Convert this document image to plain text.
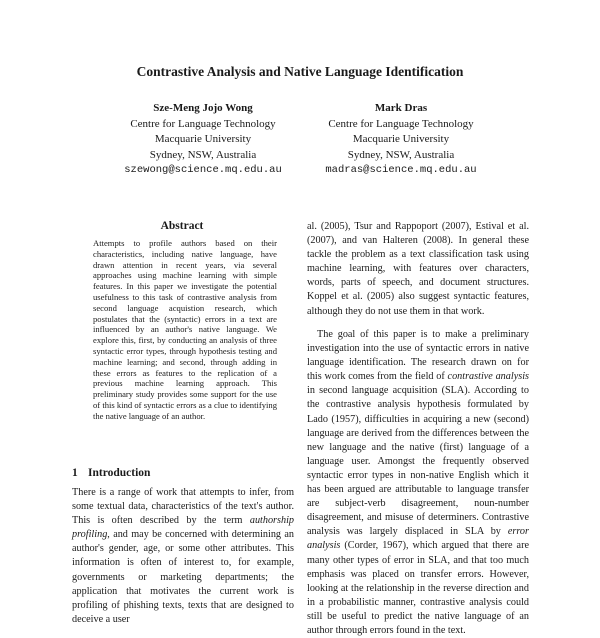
Contrastive Analysis and Native Language Identification
Sze-Meng Jojo Wong
Centre for Language Technology
Macquarie University
Sydney, NSW, Australia
szewong@science.mq.edu.au
Mark Dras
Centre for Language Technology
Macquarie University
Sydney, NSW, Australia
madras@science.mq.edu.au
Abstract

Attempts to profile authors based on their characteristics, including native language, have drawn attention in recent years, via several approaches using machine learning with simple features. In this paper we investigate the potential usefulness to this task of contrastive analysis from second language acquistion research, which postulates that the (syntactic) errors in a text are influenced by an author's native language. We explore this, first, by conducting an analysis of three syntactic error types, through hypothesis testing and machine learning; and second, through adding in these errors as features to the replication of a previous machine learning approach. This preliminary study provides some support for the use of this kind of syntactic errors as a clue to identifying the native language of an author.

1 Introduction

There is a range of work that attempts to infer, from some textual data, characteristics of the text's author. This is often described by the term authorship profiling, and may be concerned with determining an author's gender, age, or some other attributes. This information is often of interest to, for example, governments or marketing departments; the application that motivates the current work is profiling of phishing texts, texts that are designed to deceive a user

al. (2005), Tsur and Rappoport (2007), Estival et al. (2007), and van Halteren (2008). In general these tackle the problem as a text classification task using machine learning, with features over characters, words, parts of speech, and document structures. Koppel et al. (2005) also suggest syntactic features, although they do not use them in that work.

The goal of this paper is to make a preliminary investigation into the use of syntactic errors in native language identification. The research drawn on for this work comes from the field of contrastive analysis in second language acquisition (SLA). According to the contrastive analysis hypothesis formulated by Lado (1957), difficulties in acquiring a new (second) language are derived from the differences between the new language and the native (first) language of a language user. Amongst the frequently observed syntactic error types in non-native English which it has been argued are attributable to language transfer are subject-verb disagreement, noun-number disagreement, and misuse of determiners. Contrastive analysis was largely displaced in SLA by error analysis (Corder, 1967), which argued that there are many other types of error in SLA, and that too much emphasis was placed on transfer errors. However, looking at the relationship in the reverse direction and in a probabilistic manner, contrastive analysis could still be useful to predict the native language of an author through errors found in the text.
